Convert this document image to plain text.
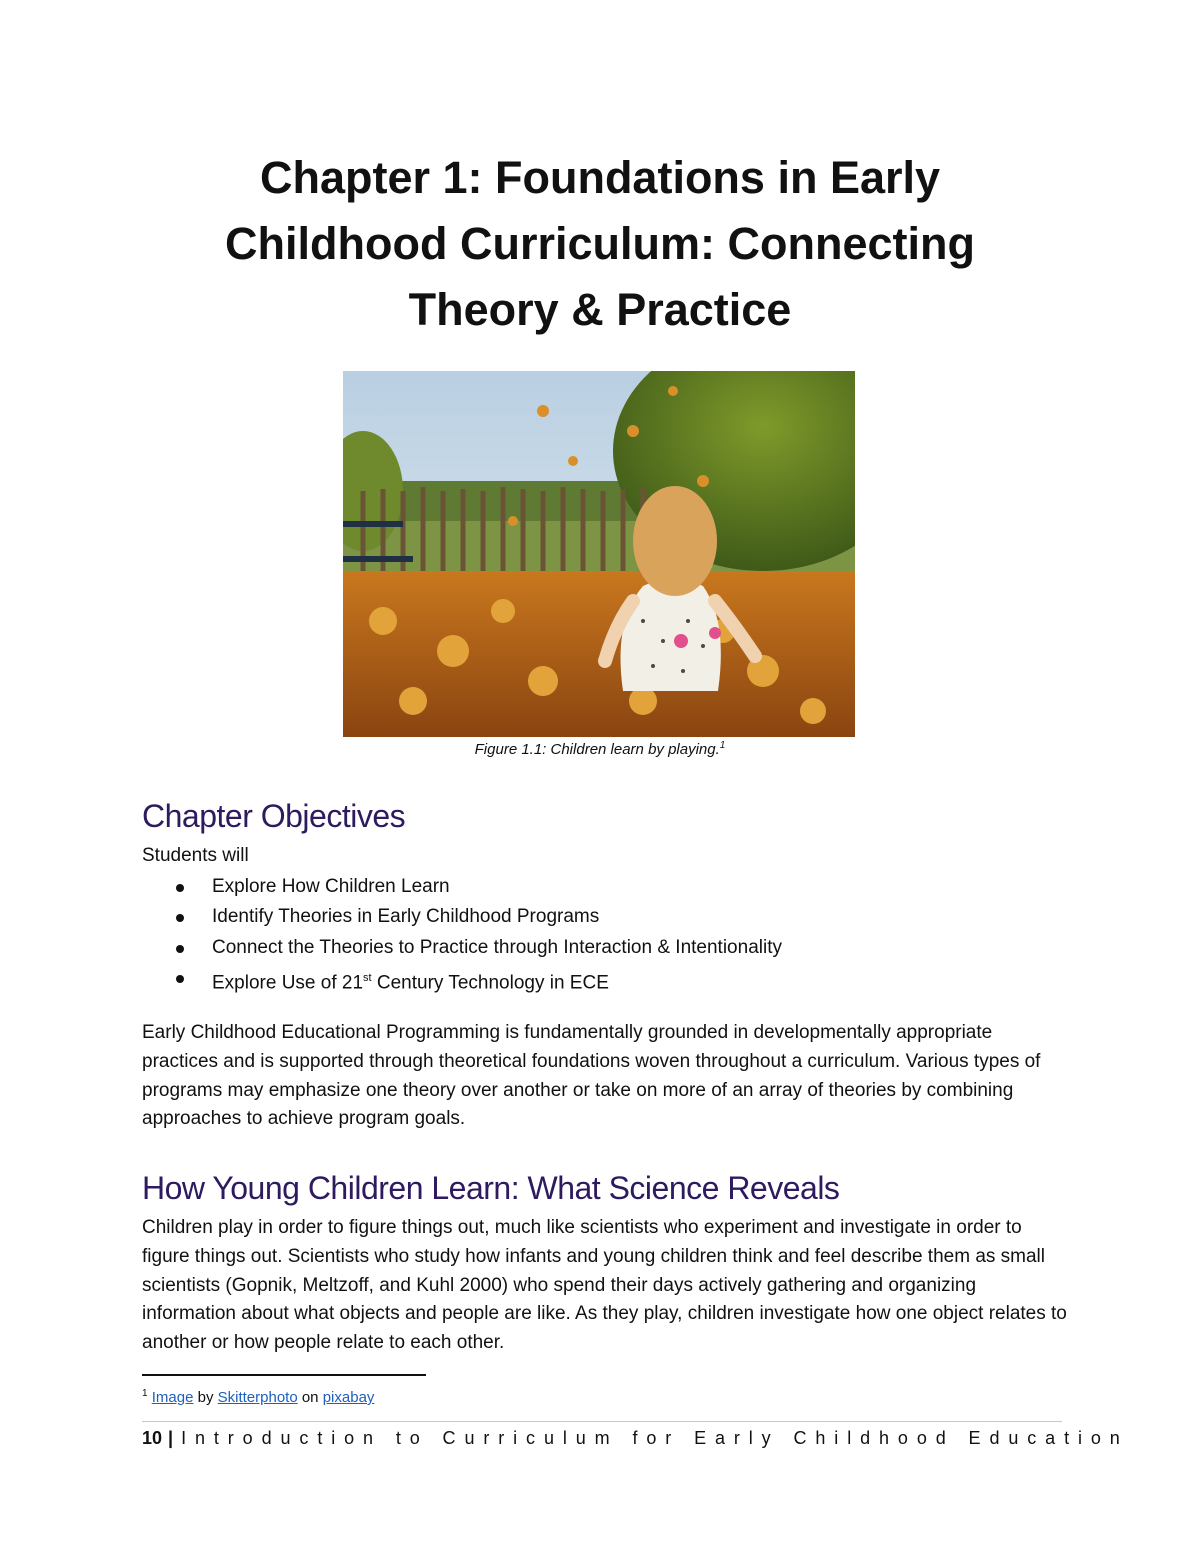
Chapter 1: Foundations in Early
Childhood Curriculum: Connecting
Theory & Practice
Figure 1.1: Children learn by playing.$^1$
Chapter Objectives
Students will
Explore How Children Learn
Identify Theories in Early Childhood Programs
Connect the Theories to Practice through Interaction & Intentionality
Explore Use of 21st Century Technology in ECE

Early Childhood Educational Programming is fundamentally grounded in developmentally appropriate practices and is supported through theoretical foundations woven throughout a curriculum. Various types of programs may emphasize one theory over another or take on more of an array of theories by combining approaches to achieve program goals.

How Young Children Learn: What Science Reveals

Children play in order to figure things out, much like scientists who experiment and investigate in order to figure things out. Scientists who study how infants and young children think and feel describe them as small scientists (Gopnik, Meltzoff, and Kuhl 2000) who spend their days actively gathering and organizing information about what objects and people are like. As they play, children investigate how one object relates to another or how people relate to each other.

$^1$ Image by Skitterphoto on pixabay
10 | Introduction to Curriculum for Early Childhood Education
